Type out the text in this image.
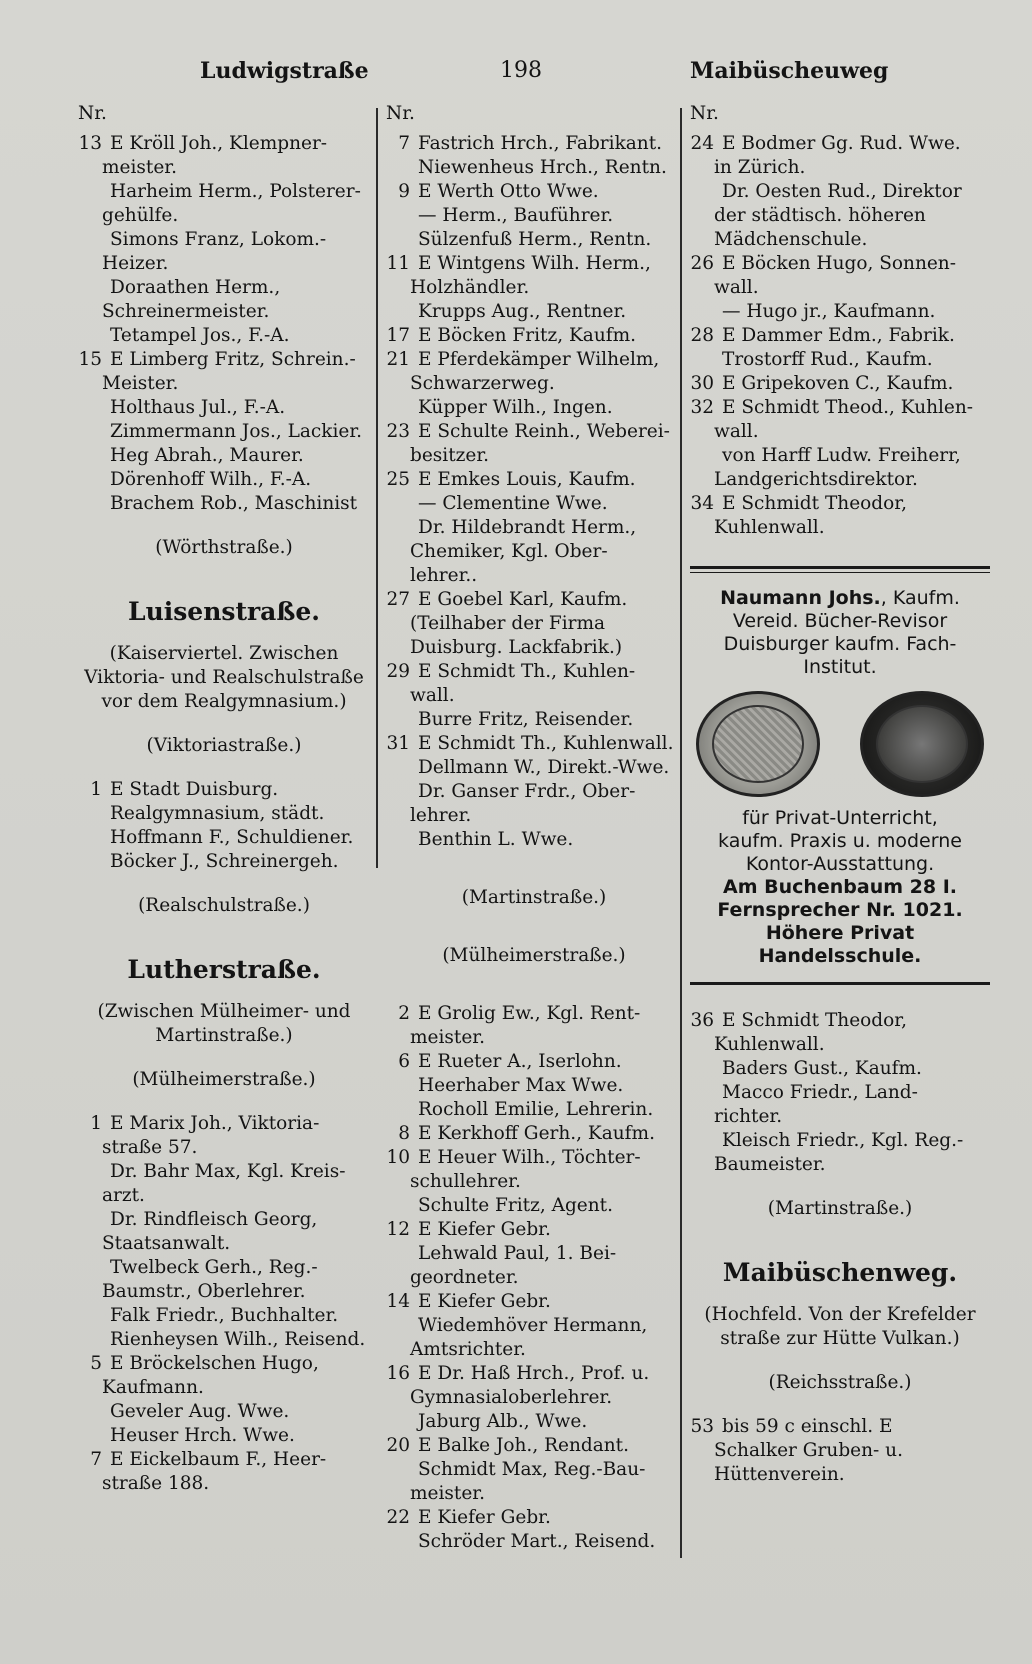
Ludwigstraße	198	Maibüscheuweg
Nr.
13 E Kröll Joh., Klempner-
meister.
Harheim Herm., Polsterer-
gehülfe.
Simons Franz, Lokom.-
Heizer.
Doraathen Herm.,
Schreinermeister.
Tetampel Jos., F.-A.
15 E Limberg Fritz, Schrein.-
Meister.
Holthaus Jul., F.-A.
Zimmermann Jos., Lackier.
Heg Abrah., Maurer.
Dörenhoff Wilh., F.-A.
Brachem Rob., Maschinist
(Wörthstraße.)
Luisenstraße.
(Kaiserviertel. Zwischen
Viktoria- und Realschulstraße
vor dem Realgymnasium.)
(Viktoriastraße.)
1 E Stadt Duisburg.
Realgymnasium, städt.
Hoffmann F., Schuldiener.
Böcker J., Schreinergeh.
(Realschulstraße.)
Lutherstraße.
(Zwischen Mülheimer- und
Martinstraße.)
(Mülheimerstraße.)
1 E Marix Joh., Viktoria-
straße 57.
Dr. Bahr Max, Kgl. Kreis-
arzt.
Dr. Rindfleisch Georg,
Staatsanwalt.
Twelbeck Gerh., Reg.-
Baumstr., Oberlehrer.
Falk Friedr., Buchhalter.
Rienheysen Wilh., Reisend.
5 E Bröckelschen Hugo,
Kaufmann.
Geveler Aug. Wwe.
Heuser Hrch. Wwe.
7 E Eickelbaum F., Heer-
straße 188.
Nr.
7 Fastrich Hrch., Fabrikant.
Niewenheus Hrch., Rentn.
9 E Werth Otto Wwe.
— Herm., Bauführer.
Sülzenfuß Herm., Rentn.
11 E Wintgens Wilh. Herm.,
Holzhändler.
Krupps Aug., Rentner.
17 E Böcken Fritz, Kaufm.
21 E Pferdekämper Wilhelm,
Schwarzerweg.
Küpper Wilh., Ingen.
23 E Schulte Reinh., Weberei-
besitzer.
25 E Emkes Louis, Kaufm.
— Clementine Wwe.
Dr. Hildebrandt Herm.,
Chemiker, Kgl. Ober-
lehrer..
27 E Goebel Karl, Kaufm.
(Teilhaber der Firma
Duisburg. Lackfabrik.)
29 E Schmidt Th., Kuhlen-
wall.
Burre Fritz, Reisender.
31 E Schmidt Th., Kuhlenwall.
Dellmann W., Direkt.-Wwe.
Dr. Ganser Frdr., Ober-
lehrer.
Benthin L. Wwe.
(Martinstraße.)
(Mülheimerstraße.)
2 E Grolig Ew., Kgl. Rent-
meister.
6 E Rueter A., Iserlohn.
Heerhaber Max Wwe.
Rocholl Emilie, Lehrerin.
8 E Kerkhoff Gerh., Kaufm.
10 E Heuer Wilh., Töchter-
schullehrer.
Schulte Fritz, Agent.
12 E Kiefer Gebr.
Lehwald Paul, 1. Bei-
geordneter.
14 E Kiefer Gebr.
Wiedemhöver Hermann,
Amtsrichter.
16 E Dr. Haß Hrch., Prof. u.
Gymnasialoberlehrer.
Jaburg Alb., Wwe.
20 E Balke Joh., Rendant.
Schmidt Max, Reg.-Bau-
meister.
22 E Kiefer Gebr.
Schröder Mart., Reisend.
Nr.
24 E Bodmer Gg. Rud. Wwe.
in Zürich.
Dr. Oesten Rud., Direktor
der städtisch. höheren
Mädchenschule.
26 E Böcken Hugo, Sonnen-
wall.
— Hugo jr., Kaufmann.
28 E Dammer Edm., Fabrik.
Trostorff Rud., Kaufm.
30 E Gripekoven C., Kaufm.
32 E Schmidt Theod., Kuhlen-
wall.
von Harff Ludw. Freiherr,
Landgerichtsdirektor.
34 E Schmidt Theodor,
Kuhlenwall.
Naumann Johs., Kaufm.
Vereid. Bücher-Revisor
Duisburger kaufm. Fach-
Institut.
für Privat-Unterricht,
kaufm. Praxis u. moderne
Kontor-Ausstattung.
Am Buchenbaum 28 I.
Fernsprecher Nr. 1021.
Höhere Privat Handelsschule.
36 E Schmidt Theodor,
Kuhlenwall.
Baders Gust., Kaufm.
Macco Friedr., Land-
richter.
Kleisch Friedr., Kgl. Reg.-
Baumeister.
(Martinstraße.)
Maibüschenweg.
(Hochfeld. Von der Krefelder
straße zur Hütte Vulkan.)
(Reichsstraße.)
53 bis 59 c einschl. E
Schalker Gruben- u.
Hüttenverein.
